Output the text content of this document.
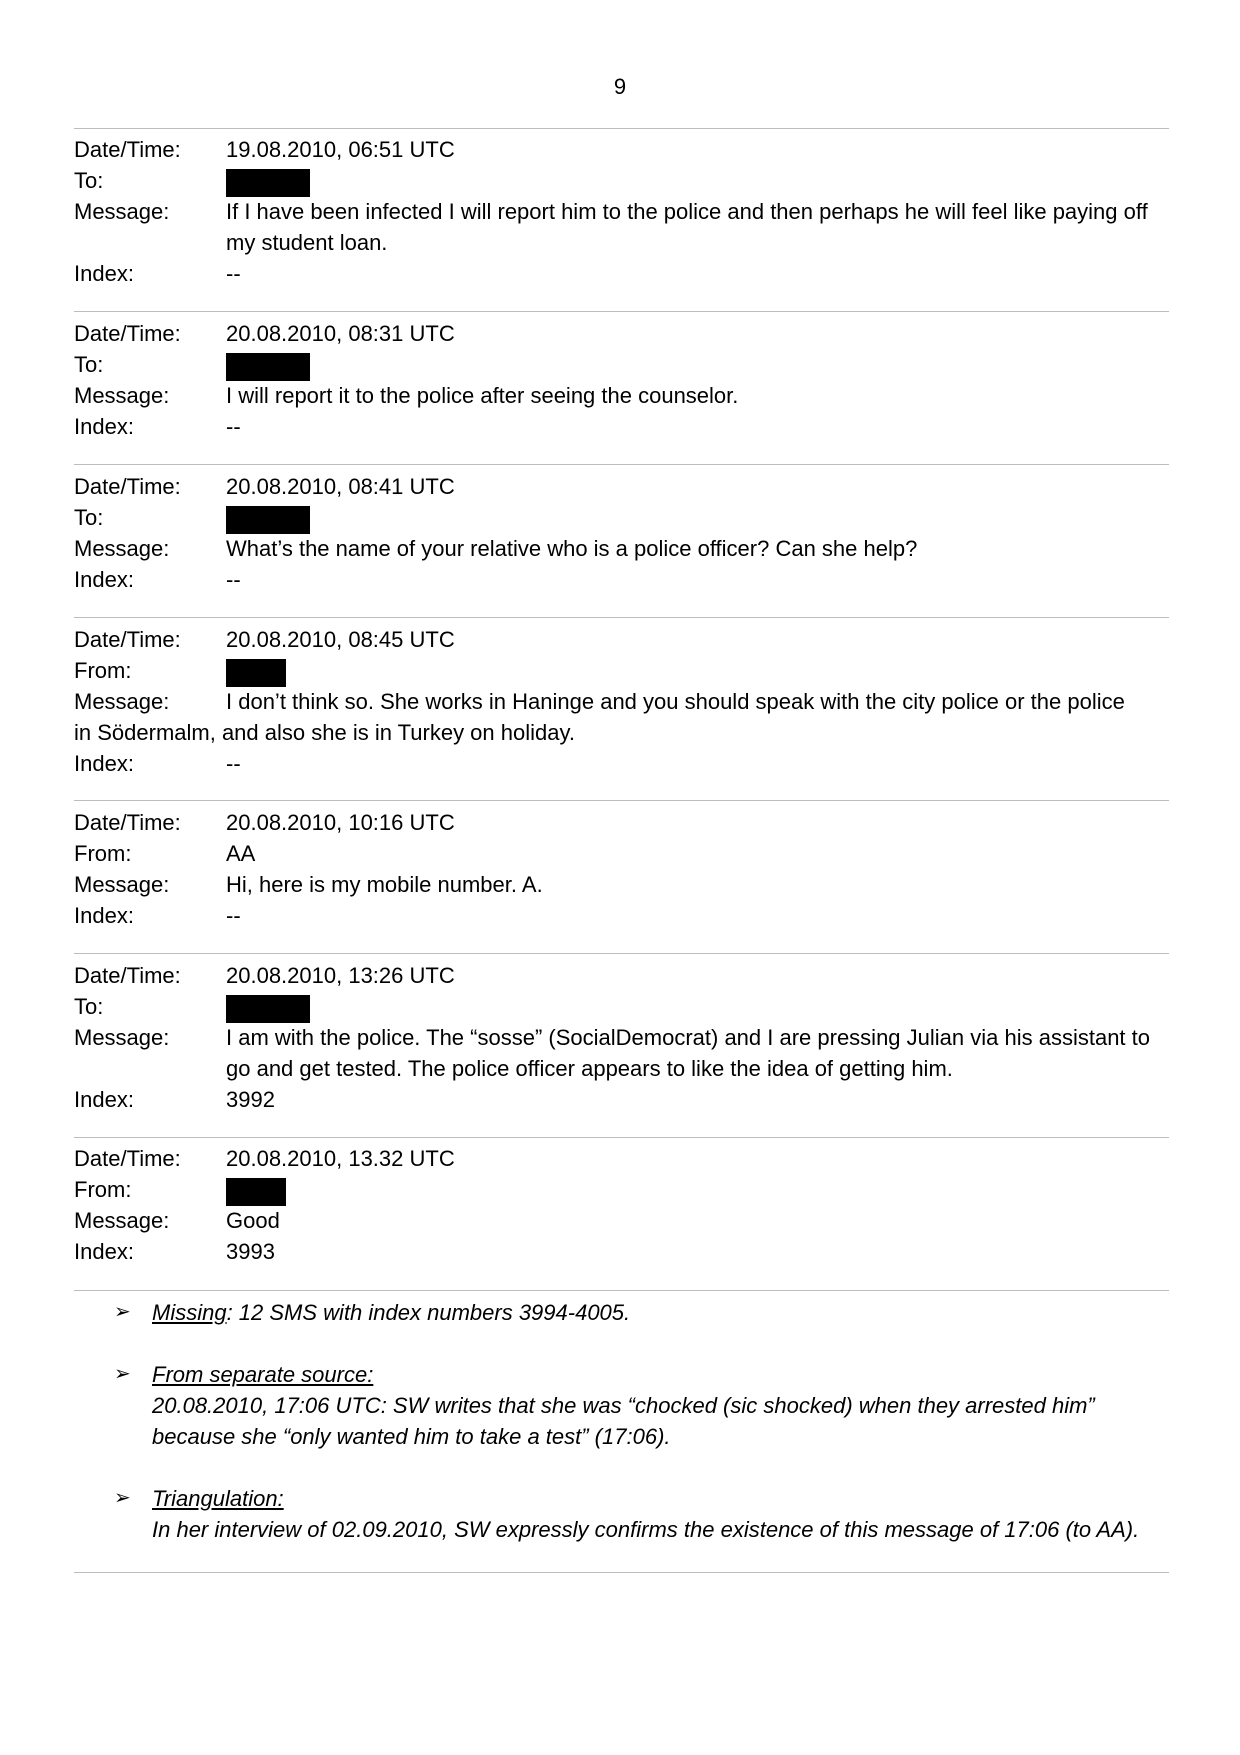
9
Date/Time: 19.08.2010, 06:51 UTC
To:
Message:	If I have been infected I will report him to the police and then perhaps he will feel like paying off my student loan.
Index:	--
Date/Time: 20.08.2010, 08:31 UTC
To:
Message:	I will report it to the police after seeing the counselor.
Index:	--
Date/Time: 20.08.2010, 08:41 UTC
To:
Message:	What’s the name of your relative who is a police officer? Can she help?
Index:	--
Date/Time: 20.08.2010, 08:45 UTC
From:
Message:	I don’t think so. She works in Haninge and you should speak with the city police or the police
in Södermalm, and also she is in Turkey on holiday.
Index:	--
Date/Time: 20.08.2010, 10:16 UTC
From:	AA
Message:	Hi, here is my mobile number. A.
Index:	--
Date/Time: 20.08.2010, 13:26 UTC
To:
Message:	I am with the police. The “sosse” (SocialDemocrat) and I are pressing Julian via his assistant to go and get tested. The police officer appears to like the idea of getting him.
Index:	3992
Date/Time: 20.08.2010, 13.32 UTC
From:
Message:	Good
Index:	3993
➢ Missing: 12 SMS with index numbers 3994-4005.
➢ From separate source:
20.08.2010, 17:06 UTC: SW writes that she was “chocked (sic shocked) when they arrested him” because she “only wanted him to take a test” (17:06).
➢ Triangulation:
In her interview of 02.09.2010, SW expressly confirms the existence of this message of 17:06 (to AA).
